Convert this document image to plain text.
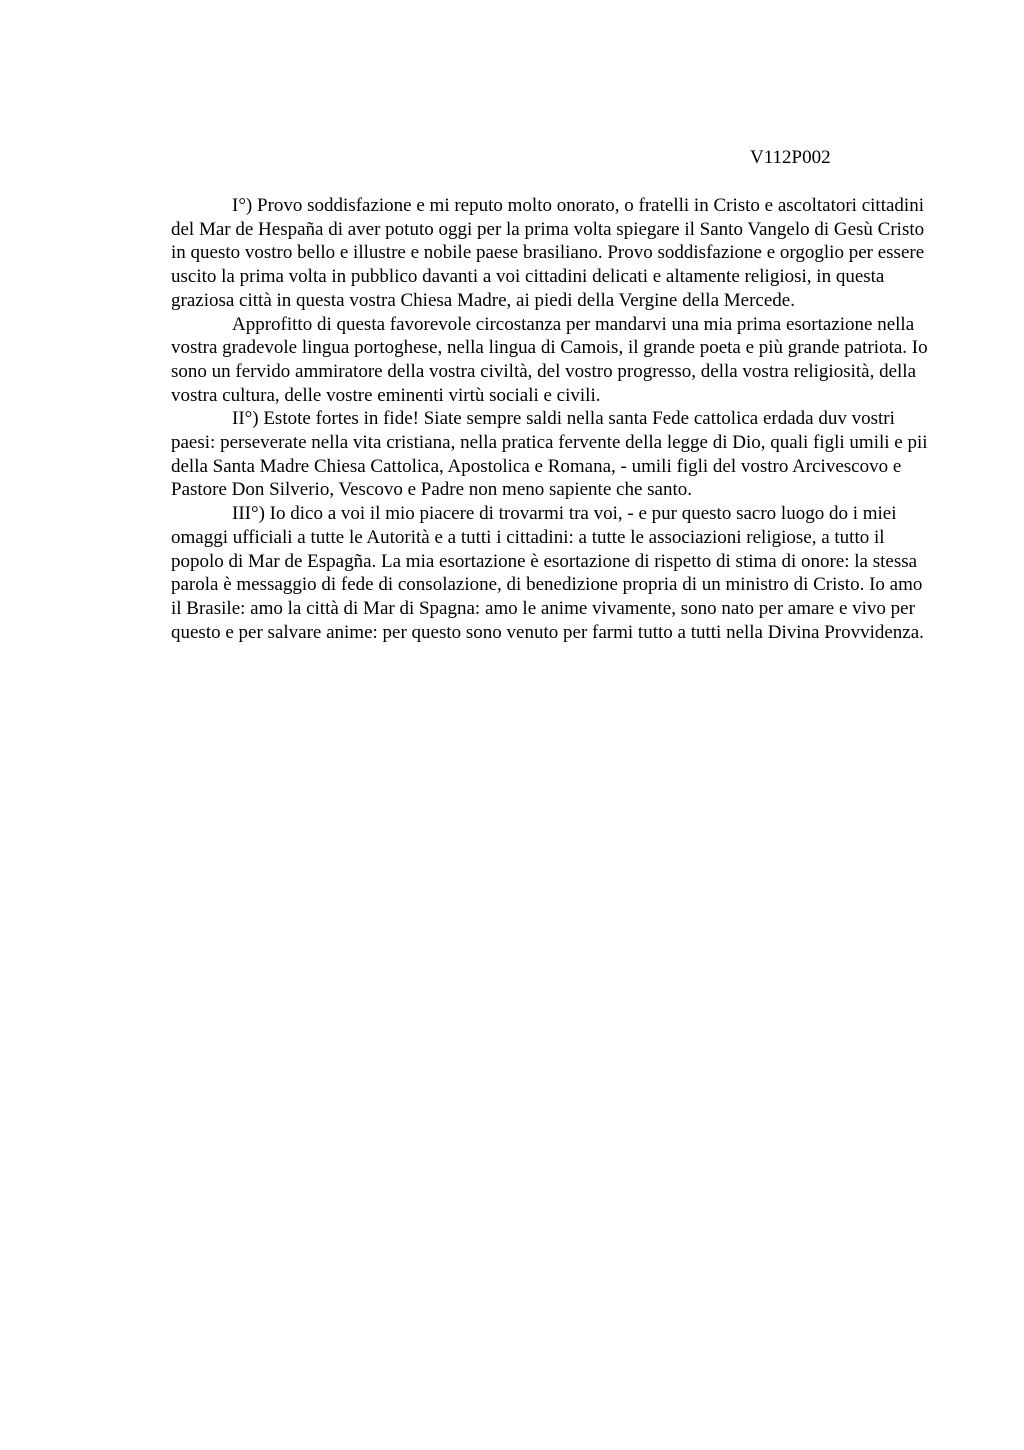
V112P002

I°) Provo soddisfazione e mi reputo molto onorato, o fratelli in Cristo e ascoltatori cittadini del Mar de Hespaña di aver potuto oggi per la prima volta spiegare il Santo Vangelo di Gesù Cristo in questo vostro bello e illustre e nobile paese brasiliano. Provo soddisfazione e orgoglio per essere uscito la prima volta in pubblico davanti a voi cittadini delicati e altamente religiosi, in questa graziosa città in questa vostra Chiesa Madre, ai piedi della Vergine della Mercede.

Approfitto di questa favorevole circostanza per mandarvi una mia prima esortazione nella vostra gradevole lingua portoghese, nella lingua di Camois, il grande poeta e più grande patriota. Io sono un fervido ammiratore della vostra civiltà, del vostro progresso, della vostra religiosità, della vostra cultura, delle vostre eminenti virtù sociali e civili.

II°) Estote fortes in fide! Siate sempre saldi nella santa Fede cattolica erdada duv vostri paesi: perseverate nella vita cristiana, nella pratica fervente della legge di Dio, quali figli umili e pii della Santa Madre Chiesa Cattolica, Apostolica e Romana, - umili figli del vostro Arcivescovo e Pastore Don Silverio, Vescovo e Padre non meno sapiente che santo.

III°) Io dico a voi il mio piacere di trovarmi tra voi, - e pur questo sacro luogo do i miei omaggi ufficiali a tutte le Autorità e a tutti i cittadini: a tutte le associazioni religiose, a tutto il popolo di Mar de Espagña. La mia esortazione è esortazione di rispetto di stima di onore: la stessa parola è messaggio di fede di consolazione, di benedizione propria di un ministro di Cristo. Io amo il Brasile: amo la città di Mar di Spagna: amo le anime vivamente, sono nato per amare e vivo per questo e per salvare anime: per questo sono venuto per farmi tutto a tutti nella Divina Provvidenza.
